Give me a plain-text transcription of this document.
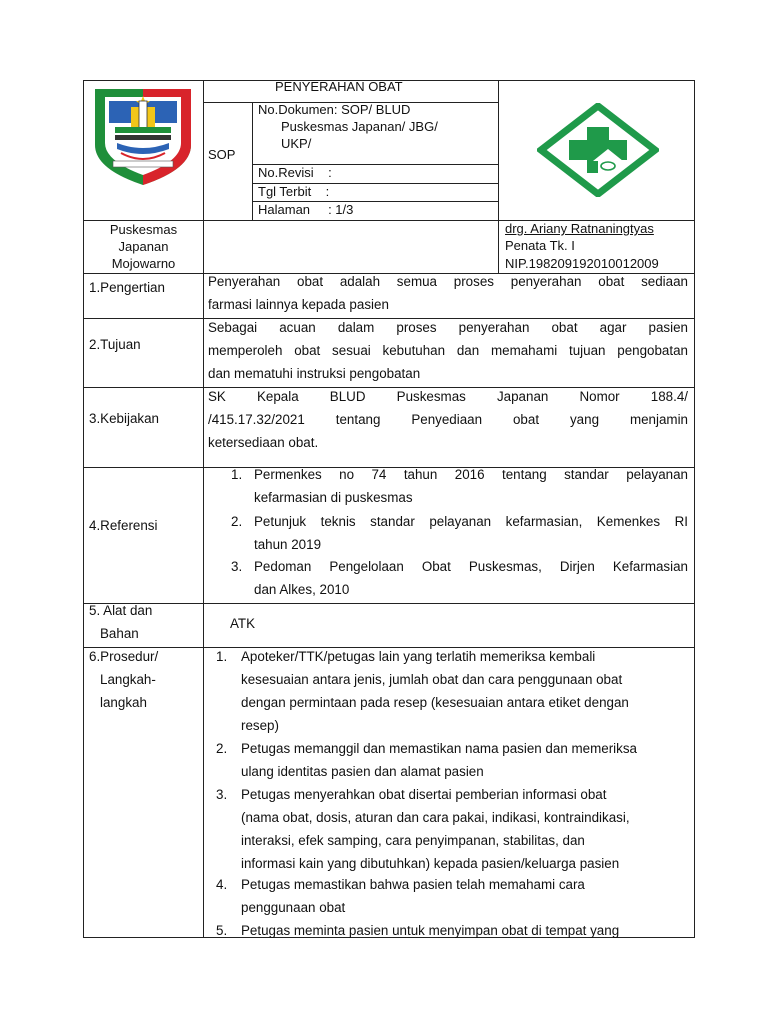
PENYERAHAN OBAT
SOP
No.Dokumen: SOP/ BLUD
Puskesmas Japanan/ JBG/
UKP/
No.Revisi    :
Tgl Terbit    :
Halaman     : 1/3
Puskesmas
Japanan
Mojowarno
drg. Ariany Ratnaningtyas
Penata Tk. I
NIP.198209192010012009
1.Pengertian
2.Tujuan
3.Kebijakan
4.Referensi
5. Alat dan
Bahan
6.Prosedur/
Langkah-
langkah
Penyerahan obat adalah semua proses penyerahan obat sediaan
farmasi lainnya kepada pasien
Sebagai acuan dalam proses penyerahan obat agar pasien
memperoleh obat sesuai kebutuhan dan memahami tujuan pengobatan
dan mematuhi instruksi pengobatan
SK Kepala BLUD Puskesmas Japanan Nomor 188.4/
/415.17.32/2021 tentang Penyediaan obat yang menjamin
ketersediaan obat.
1. Permenkes no 74 tahun 2016 tentang standar pelayanan
kefarmasian di puskesmas
2. Petunjuk teknis standar pelayanan kefarmasian, Kemenkes RI
tahun 2019
3. Pedoman Pengelolaan Obat Puskesmas, Dirjen Kefarmasian
dan Alkes, 2010
ATK
1. Apoteker/TTK/petugas lain yang terlatih memeriksa kembali
kesesuaian antara jenis, jumlah obat dan cara penggunaan obat
dengan permintaan pada resep (kesesuaian antara etiket dengan
resep)
2. Petugas memanggil dan memastikan nama pasien dan memeriksa
ulang identitas pasien dan alamat pasien
3. Petugas menyerahkan obat disertai pemberian informasi obat
(nama obat, dosis, aturan dan cara pakai, indikasi, kontraindikasi,
interaksi, efek samping, cara penyimpanan, stabilitas, dan
informasi kain yang dibutuhkan) kepada pasien/keluarga pasien
4. Petugas memastikan bahwa pasien telah memahami cara
penggunaan obat
5. Petugas meminta pasien untuk menyimpan obat di tempat yang
